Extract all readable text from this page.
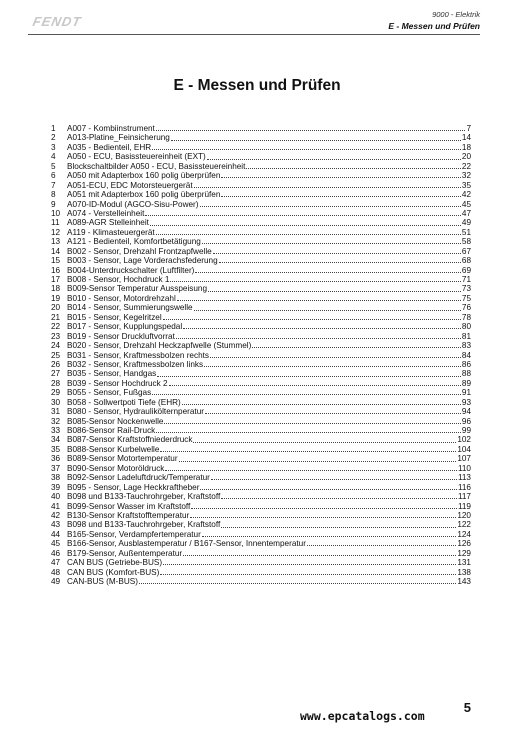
FENDT	9000 - Elektrik
E - Messen und Prüfen
E - Messen und Prüfen
1	A007 - Kombiinstrument	7
2	A013-Platine_Feinsicherung	14
3	A035 - Bedienteil, EHR	18
4	A050 - ECU, Basissteuereinheit (EXT)	20
5	Blockschaltbilder A050 - ECU, Basissteuereinheit	22
6	A050 mit Adapterbox 160 polig überprüfen	32
7	A051-ECU, EDC Motorsteuergerät	35
8	A051 mit Adapterbox 160 polig überprüfen	42
9	A070-ID-Modul (AGCO-Sisu-Power)	45
10 A074 - Verstelleinheit	47
11 A089-AGR Stelleinheit	49
12 A119 - Klimasteuergerät	51
13 A121 - Bedienteil, Komfortbetätigung	58
14 B002 - Sensor, Drehzahl Frontzapfwelle	67
15 B003 - Sensor, Lage Vorderachsfederung	68
16 B004-Unterdruckschalter (Luftfilter)	69
17 B008 - Sensor, Hochdruck 1	71
18 B009-Sensor Temperatur Ausspeisung	73
19 B010 - Sensor, Motordrehzahl	75
20 B014 - Sensor, Summierungswelle	76
21 B015 - Sensor, Kegelritzel	78
22 B017 - Sensor, Kupplungspedal	80
23 B019 - Sensor Druckluftvorrat	81
24 B020 - Sensor, Drehzahl Heckzapfwelle (Stummel)	83
25 B031 - Sensor, Kraftmessbolzen rechts	84
26 B032 - Sensor, Kraftmessbolzen links	86
27 B035 - Sensor, Handgas	88
28 B039 - Sensor Hochdruck 2	89
29 B055 - Sensor, Fußgas	91
30 B058 - Sollwertpoti Tiefe (EHR)	93
31 B080 - Sensor, Hydraulikölternperatur	94
32 B085-Sensor Nockenwelle	96
33 B086-Sensor Rail-Druck	99
34 B087-Sensor Kraftstoffniederdruck	102
35 B088-Sensor Kurbelwelle	104
36 B089-Sensor Motortemperatur	107
37 B090-Sensor Motoröldruck	110
38 B092-Sensor Ladeluftdruck/Temperatur	113
39 B095 - Sensor, Lage Heckkraftheber	116
40 B098 und B133-Tauchrohrgeber, Kraftstoff	117
41 B099-Sensor Wasser im Kraftstoff	119
42 B130-Sensor Kraftstofftemperatur	120
43 B098 und B133-Tauchrohrgeber, Kraftstoff	122
44 B165-Sensor, Verdampfertemperatur	124
45 B166-Sensor, Ausblastemperatur / B167-Sensor, Innentemperatur	126
46 B179-Sensor, Außentemperatur	129
47 CAN BUS (Getriebe-BUS)	131
48 CAN BUS (Komfort-BUS)	138
49 CAN-BUS (M-BUS)	143
www.epcatalogs.com
5
